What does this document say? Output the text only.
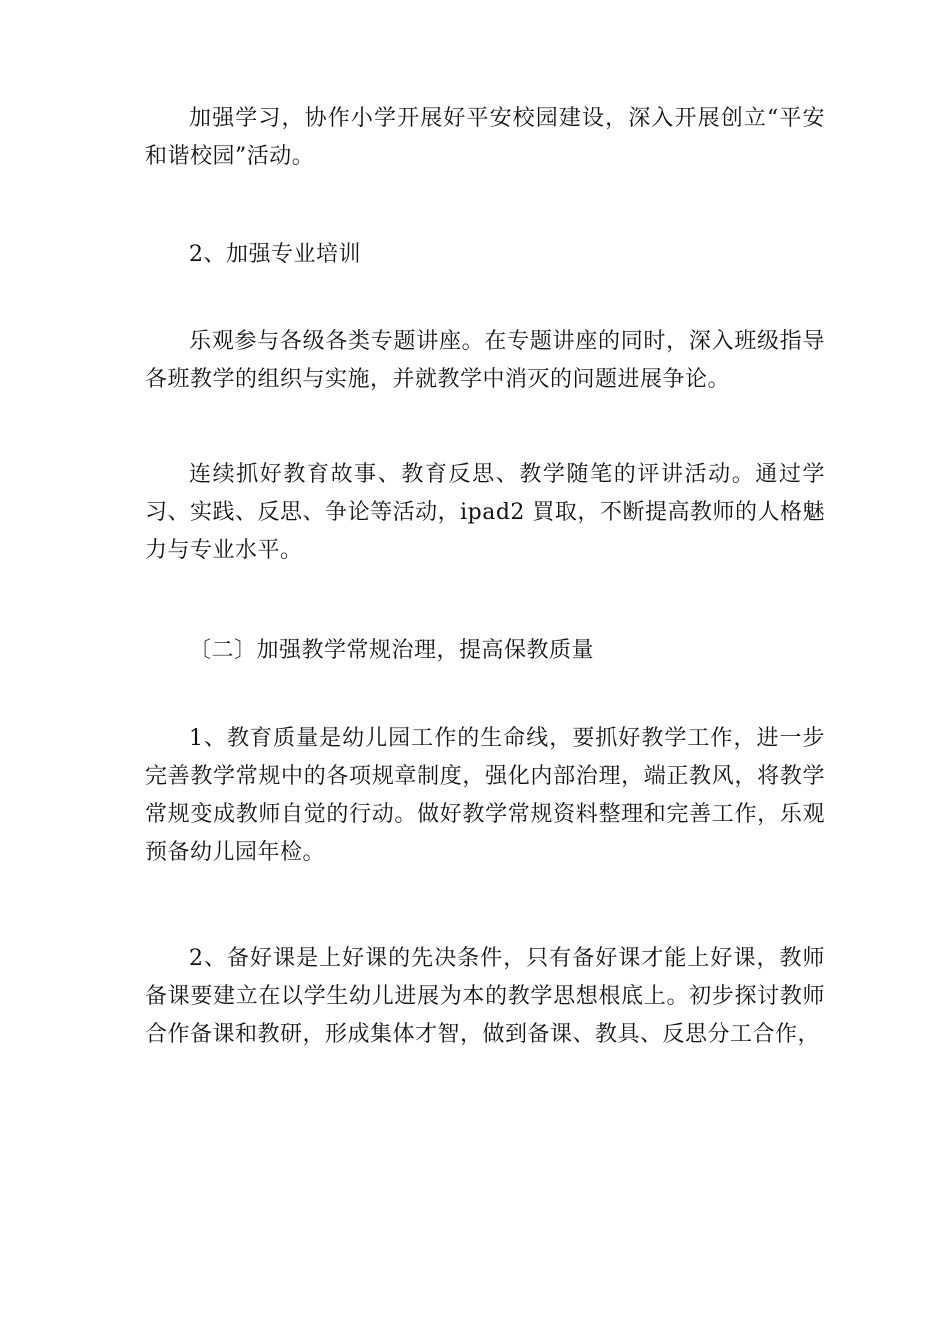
加强学习，协作小学开展好平安校园建设，深入开展创立“平安和谐校园”活动。

2、加强专业培训

乐观参与各级各类专题讲座。在专题讲座的同时，深入班级指导各班教学的组织与实施，并就教学中消灭的问题进展争论。

连续抓好教育故事、教育反思、教学随笔的评讲活动。通过学习、实践、反思、争论等活动，ipad2 買取，不断提高教师的人格魅力与专业水平。

〔二〕加强教学常规治理，提高保教质量

1、教育质量是幼儿园工作的生命线，要抓好教学工作，进一步完善教学常规中的各项规章制度，强化内部治理，端正教风，将教学常规变成教师自觉的行动。做好教学常规资料整理和完善工作，乐观预备幼儿园年检。

2、备好课是上好课的先决条件，只有备好课才能上好课，教师备课要建立在以学生幼儿进展为本的教学思想根底上。初步探讨教师合作备课和教研，形成集体才智，做到备课、教具、反思分工合作，
